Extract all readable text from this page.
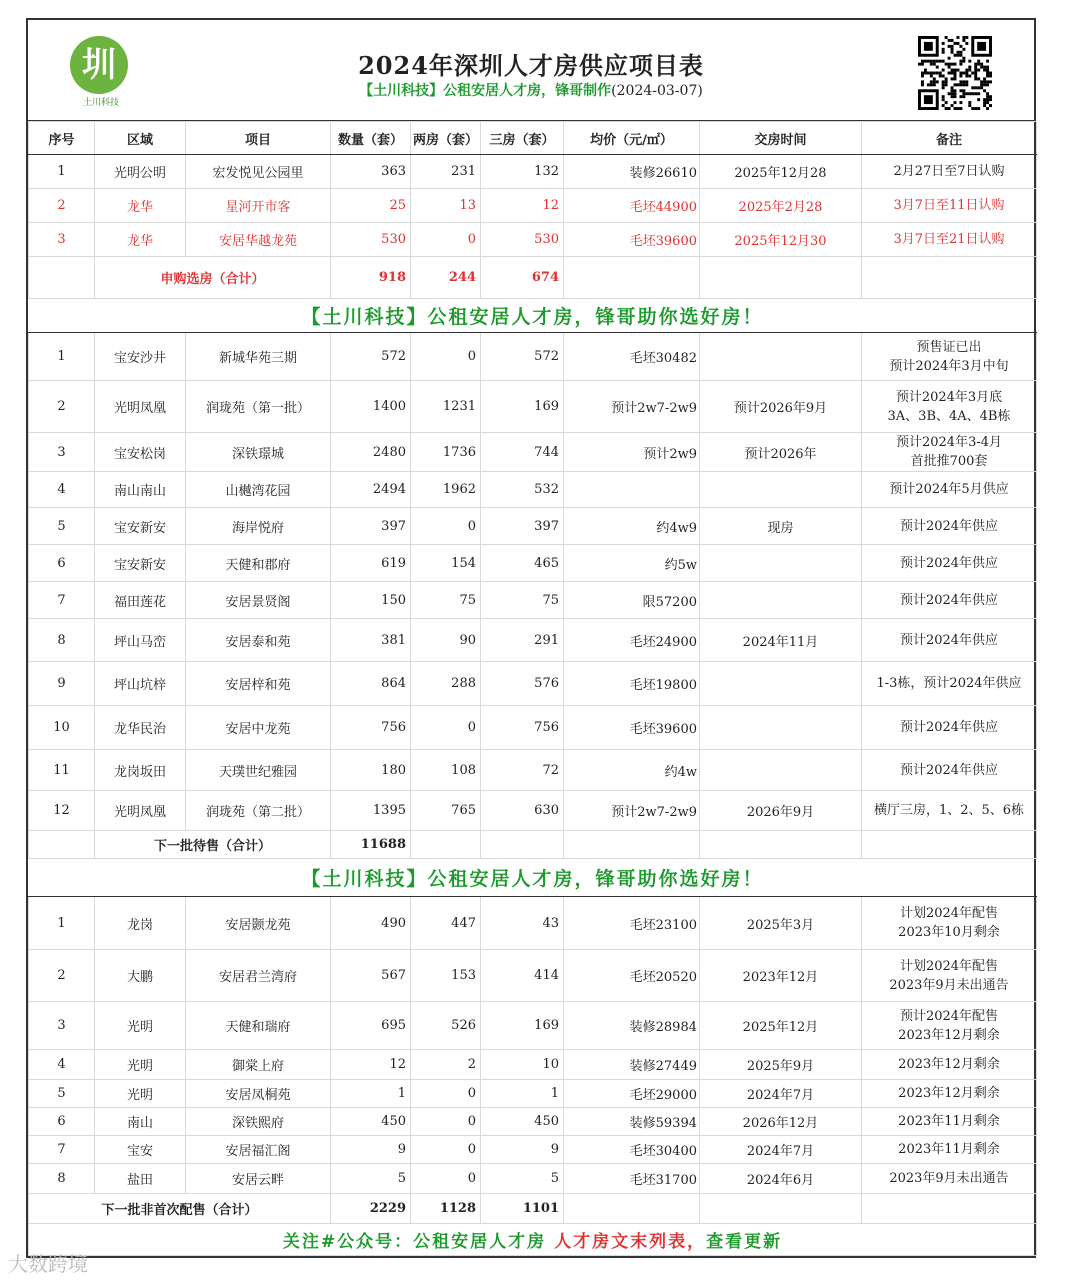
圳
土川科技
2024年深圳人才房供应项目表
【土川科技】公租安居人才房，锋哥制作(2024-03-07)
序号	区域	项目	数量（套）	两房（套）	三房（套）	均价（元/㎡）	交房时间	备注
1	光明公明	宏发悦见公园里	363	231	132	装修26610	2025年12月28	2月27日至7日认购
2	龙华	星河开市客	25	13	12	毛坯44900	2025年2月28	3月7日至11日认购
3	龙华	安居华越龙苑	530	0	530	毛坯39600	2025年12月30	3月7日至21日认购
	申购选房（合计）		918	244	674			
【土川科技】公租安居人才房，锋哥助你选好房！								
1	宝安沙井	新城华苑三期	572	0	572	毛坯30482		预售证已出
预计2024年3月中旬
2	光明凤凰	润珑苑（第一批）	1400	1231	169	预计2w7-2w9	预计2026年9月	预计2024年3月底
3A、3B、4A、4B栋
3	宝安松岗	深铁璟城	2480	1736	744	预计2w9	预计2026年	预计2024年3-4月
首批推700套
4	南山南山	山樾湾花园	2494	1962	532			预计2024年5月供应
5	宝安新安	海岸悦府	397	0	397	约4w9	现房	预计2024年供应
6	宝安新安	天健和郡府	619	154	465	约5w		预计2024年供应
7	福田莲花	安居景贤阁	150	75	75	限57200		预计2024年供应
8	坪山马峦	安居泰和苑	381	90	291	毛坯24900	2024年11月	预计2024年供应
9	坪山坑梓	安居梓和苑	864	288	576	毛坯19800		1-3栋，预计2024年供应
10	龙华民治	安居中龙苑	756	0	756	毛坯39600		预计2024年供应
11	龙岗坂田	天璞世纪雅园	180	108	72	约4w		预计2024年供应
12	光明凤凰	润珑苑（第二批）	1395	765	630	预计2w7-2w9	2026年9月	横厅三房，1、2、5、6栋
	下一批待售（合计）		11688					
【土川科技】公租安居人才房，锋哥助你选好房！								
1	龙岗	安居颢龙苑	490	447	43	毛坯23100	2025年3月	计划2024年配售
2023年10月剩余
2	大鹏	安居君兰湾府	567	153	414	毛坯20520	2023年12月	计划2024年配售
2023年9月未出通告
3	光明	天健和瑞府	695	526	169	装修28984	2025年12月	预计2024年配售
2023年12月剩余
4	光明	御棠上府	12	2	10	装修27449	2025年9月	2023年12月剩余
5	光明	安居凤桐苑	1	0	1	毛坯29000	2024年7月	2023年12月剩余
6	南山	深铁熙府	450	0	450	装修59394	2026年12月	2023年11月剩余
7	宝安	安居福汇阁	9	0	9	毛坯30400	2024年7月	2023年11月剩余
8	盐田	安居云畔	5	0	5	毛坯31700	2024年6月	2023年9月未出通告
下一批非首次配售（合计）			2229	1128	1101			
关注#公众号：公租安居人才房 人才房文末列表，查看更新								
大数跨境
